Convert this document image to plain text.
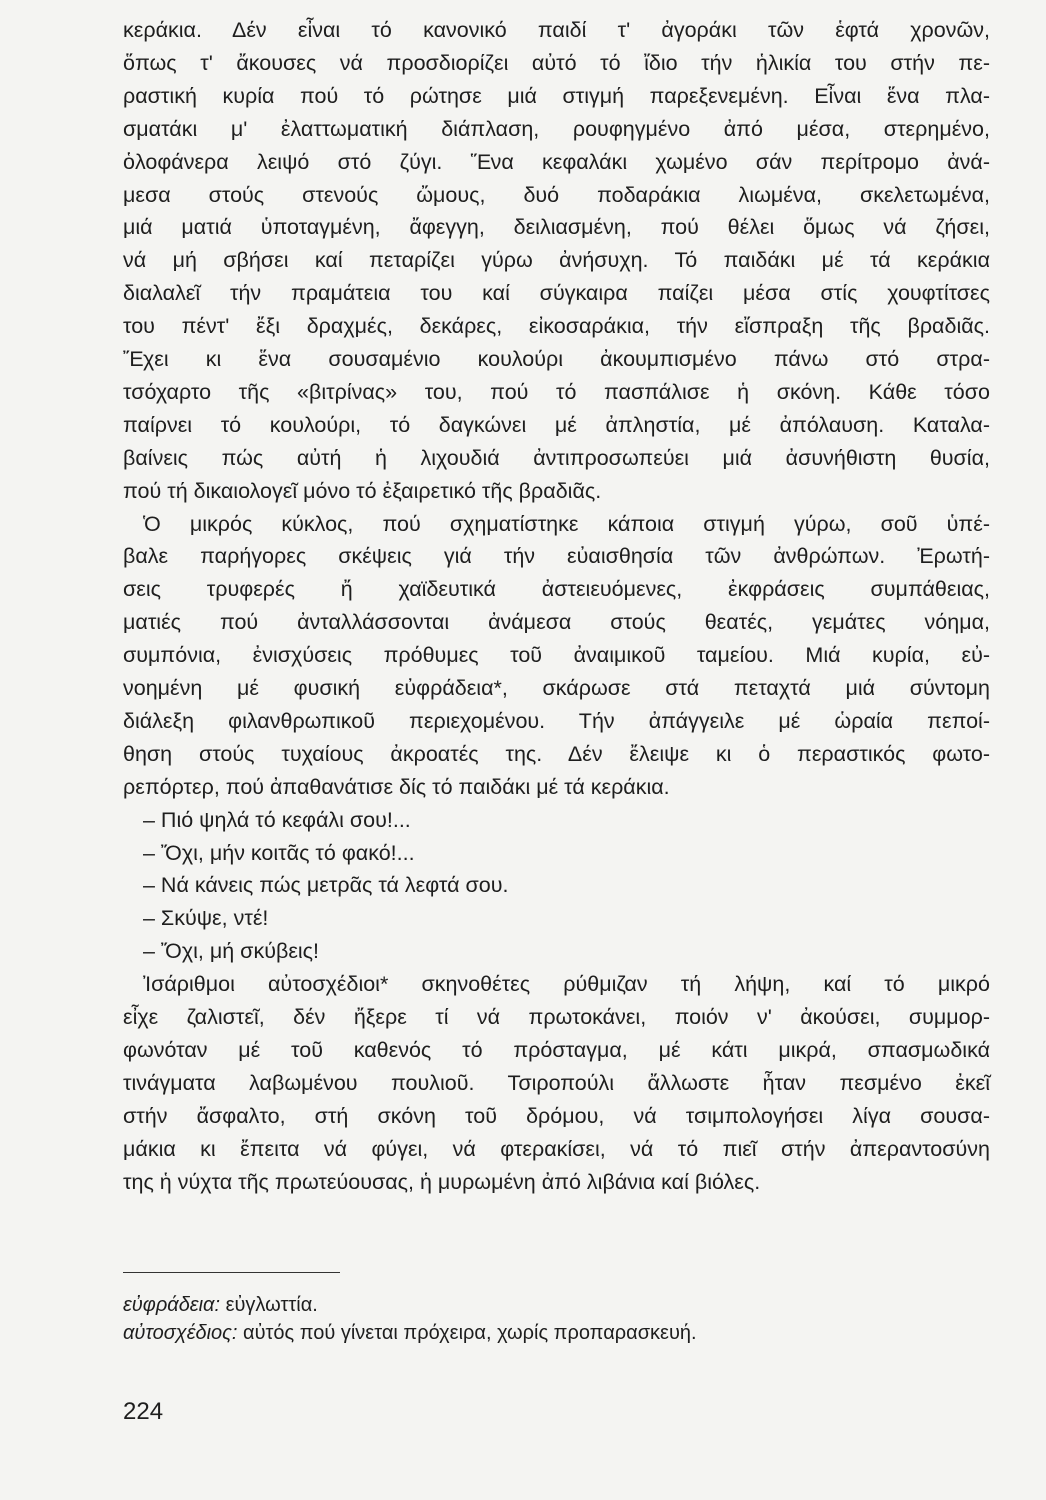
κεράκια. Δέν εἶναι τό κανονικό παιδί τ' ἀγοράκι τῶν ἑφτά χρονῶν,
ὅπως τ' ἄκουσες νά προσδιορίζει αὐτό τό ἴδιο τήν ἡλικία του στήν πε-
ραστική κυρία πού τό ρώτησε μιά στιγμή παρεξενεμένη. Εἶναι ἕνα πλα-
σματάκι μ' ἐλαττωματική διάπλαση, ρουφηγμένο ἀπό μέσα, στερημένο,
ὁλοφάνερα λειψό στό ζύγι. Ἕνα κεφαλάκι χωμένο σάν περίτρομο ἀνά-
μεσα στούς στενούς ὤμους, δυό ποδαράκια λιωμένα, σκελετωμένα,
μιά ματιά ὑποταγμένη, ἄφεγγη, δειλιασμένη, πού θέλει ὅμως νά ζήσει,
νά μή σβήσει καί πεταρίζει γύρω ἀνήσυχη. Τό παιδάκι μέ τά κεράκια
διαλαλεῖ τήν πραμάτεια του καί σύγκαιρα παίζει μέσα στίς χουφτίτσες
του πέντ' ἔξι δραχμές, δεκάρες, εἰκοσαράκια, τήν εἴσπραξη τῆς βραδιᾶς.
Ἔχει κι ἕνα σουσαμένιο κουλούρι ἀκουμπισμένο πάνω στό στρα-
τσόχαρτο τῆς «βιτρίνας» του, πού τό πασπάλισε ἡ σκόνη. Κάθε τόσο
παίρνει τό κουλούρι, τό δαγκώνει μέ ἀπληστία, μέ ἀπόλαυση. Καταλα-
βαίνεις πώς αὐτή ἡ λιχουδιά ἀντιπροσωπεύει μιά ἀσυνήθιστη θυσία,
πού τή δικαιολογεῖ μόνο τό ἐξαιρετικό τῆς βραδιᾶς.
Ὁ μικρός κύκλος, πού σχηματίστηκε κάποια στιγμή γύρω, σοῦ ὑπέ-
βαλε παρήγορες σκέψεις γιά τήν εὐαισθησία τῶν ἀνθρώπων. Ἐρωτή-
σεις τρυφερές ἤ χαϊδευτικά ἀστειευόμενες, ἐκφράσεις συμπάθειας,
ματιές πού ἀνταλλάσσονται ἀνάμεσα στούς θεατές, γεμάτες νόημα,
συμπόνια, ἐνισχύσεις πρόθυμες τοῦ ἀναιμικοῦ ταμείου. Μιά κυρία, εὐ-
νοημένη μέ φυσική εὐφράδεια*, σκάρωσε στά πεταχτά μιά σύντομη
διάλεξη φιλανθρωπικοῦ περιεχομένου. Τήν ἀπάγγειλε μέ ὡραία πεποί-
θηση στούς τυχαίους ἀκροατές της. Δέν ἔλειψε κι ὁ περαστικός φωτο-
ρεπόρτερ, πού ἀπαθανάτισε δίς τό παιδάκι μέ τά κεράκια.
– Πιό ψηλά τό κεφάλι σου!...
– Ὄχι, μήν κοιτᾶς τό φακό!...
– Νά κάνεις πώς μετρᾶς τά λεφτά σου.
– Σκύψε, ντέ!
– Ὄχι, μή σκύβεις!
Ἰσάριθμοι αὐτοσχέδιοι* σκηνοθέτες ρύθμιζαν τή λήψη, καί τό μικρό
εἶχε ζαλιστεῖ, δέν ἤξερε τί νά πρωτοκάνει, ποιόν ν' ἀκούσει, συμμορ-
φωνόταν μέ τοῦ καθενός τό πρόσταγμα, μέ κάτι μικρά, σπασμωδικά
τινάγματα λαβωμένου πουλιοῦ. Τσιροπούλι ἄλλωστε ἦταν πεσμένο ἐκεῖ
στήν ἄσφαλτο, στή σκόνη τοῦ δρόμου, νά τσιμπολογήσει λίγα σουσα-
μάκια κι ἔπειτα νά φύγει, νά φτερακίσει, νά τό πιεῖ στήν ἀπεραντοσύνη
της ἡ νύχτα τῆς πρωτεύουσας, ἡ μυρωμένη ἀπό λιβάνια καί βιόλες.
εὐφράδεια: εὐγλωττία.
αὐτοσχέδιος: αὐτός πού γίνεται πρόχειρα, χωρίς προπαρασκευή.
224
